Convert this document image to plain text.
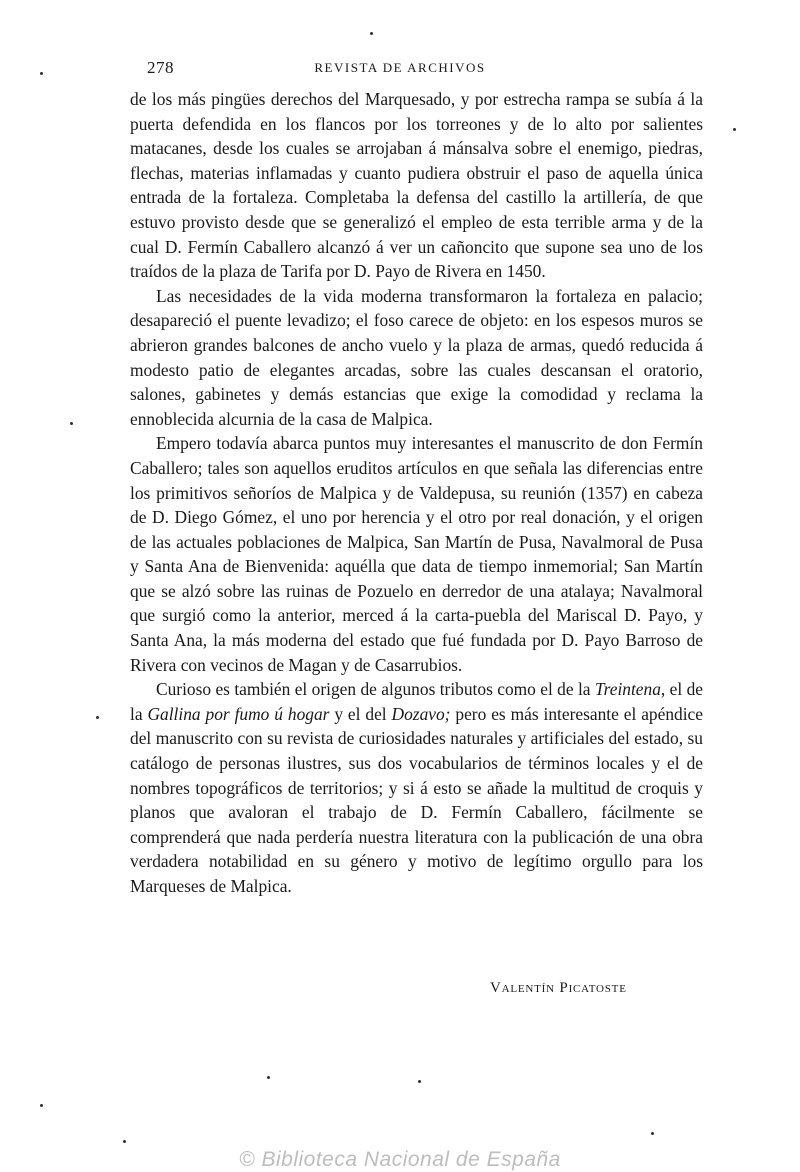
278	REVISTA DE ARCHIVOS

de los más pingües derechos del Marquesado, y por estrecha rampa se subía á la puerta defendida en los flancos por los torreones y de lo alto por salientes matacanes, desde los cuales se arrojaban á mánsalva sobre el enemigo, piedras, flechas, materias inflamadas y cuanto pudiera obstruir el paso de aquella única entrada de la fortaleza. Completaba la defensa del castillo la artillería, de que estuvo provisto desde que se generalizó el empleo de esta terrible arma y de la cual D. Fermín Caballero alcanzó á ver un cañoncito que supone sea uno de los traídos de la plaza de Tarifa por D. Payo de Rivera en 1450.

Las necesidades de la vida moderna transformaron la fortaleza en palacio; desapareció el puente levadizo; el foso carece de objeto: en los espesos muros se abrieron grandes balcones de ancho vuelo y la plaza de armas, quedó reducida á modesto patio de elegantes arcadas, sobre las cuales descansan el oratorio, salones, gabinetes y demás estancias que exige la comodidad y reclama la ennoblecida alcurnia de la casa de Malpica.

Empero todavía abarca puntos muy interesantes el manuscrito de don Fermín Caballero; tales son aquellos eruditos artículos en que señala las diferencias entre los primitivos señoríos de Malpica y de Valdepusa, su reunión (1357) en cabeza de D. Diego Gómez, el uno por herencia y el otro por real donación, y el origen de las actuales poblaciones de Malpica, San Martín de Pusa, Navalmoral de Pusa y Santa Ana de Bienvenida: aquélla que data de tiempo inmemorial; San Martín que se alzó sobre las ruinas de Pozuelo en derredor de una atalaya; Navalmoral que surgió como la anterior, merced á la carta-puebla del Mariscal D. Payo, y Santa Ana, la más moderna del estado que fué fundada por D. Payo Barroso de Rivera con vecinos de Magan y de Casarrubios.

Curioso es también el origen de algunos tributos como el de la Treintena, el de la Gallina por fumo ú hogar y el del Dozavo; pero es más interesante el apéndice del manuscrito con su revista de curiosidades naturales y artificiales del estado, su catálogo de personas ilustres, sus dos vocabularios de términos locales y el de nombres topográficos de territorios; y si á esto se añade la multitud de croquis y planos que avaloran el trabajo de D. Fermín Caballero, fácilmente se comprenderá que nada perdería nuestra literatura con la publicación de una obra verdadera notabilidad en su género y motivo de legítimo orgullo para los Marqueses de Malpica.

Valentín Picatoste
© Biblioteca Nacional de España
